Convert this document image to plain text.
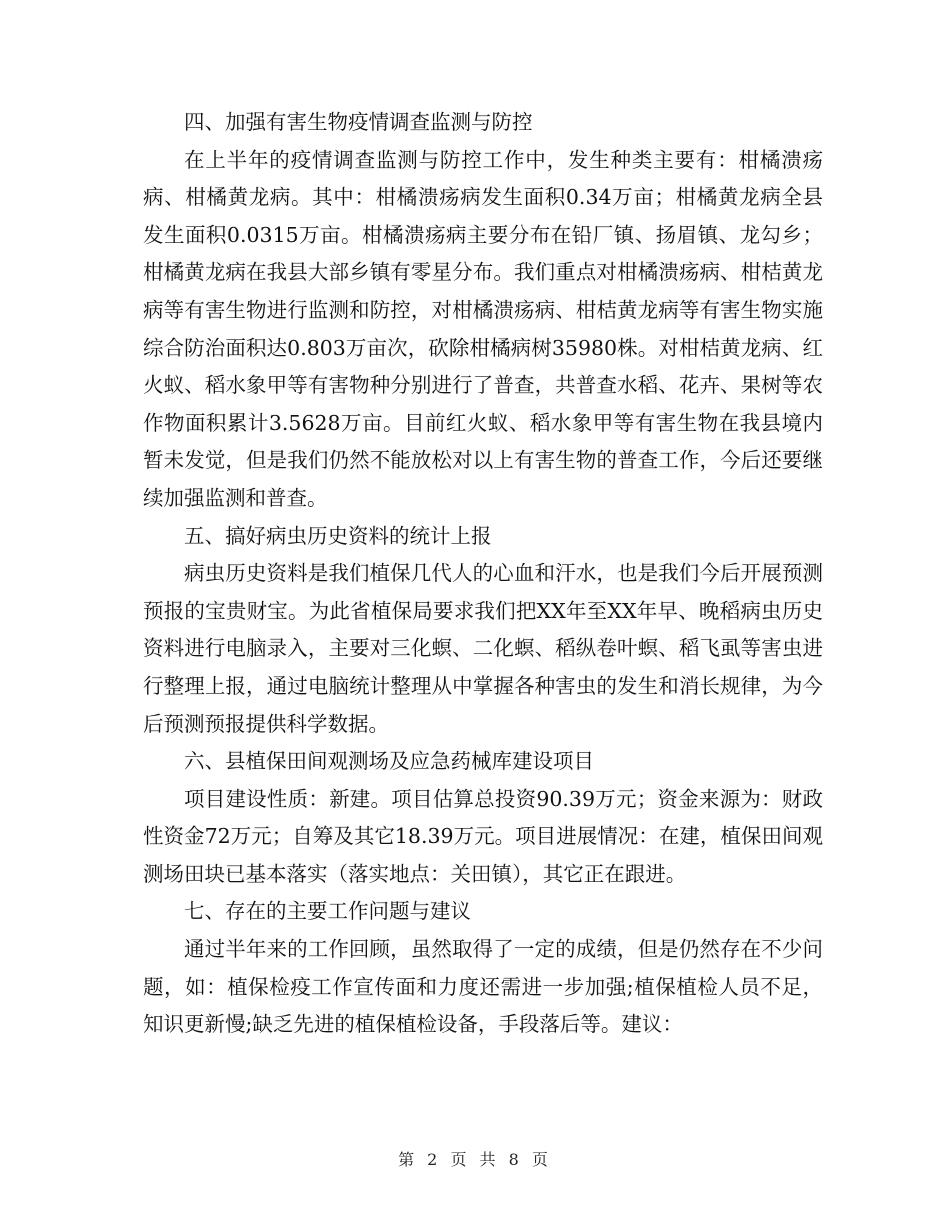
四、加强有害生物疫情调查监测与防控

在上半年的疫情调查监测与防控工作中，发生种类主要有：柑橘溃疡病、柑橘黄龙病。其中：柑橘溃疡病发生面积0.34万亩；柑橘黄龙病全县发生面积0.0315万亩。柑橘溃疡病主要分布在铅厂镇、扬眉镇、龙勾乡；柑橘黄龙病在我县大部乡镇有零星分布。我们重点对柑橘溃疡病、柑桔黄龙病等有害生物进行监测和防控，对柑橘溃疡病、柑桔黄龙病等有害生物实施综合防治面积达0.803万亩次，砍除柑橘病树35980株。对柑桔黄龙病、红火蚁、稻水象甲等有害物种分别进行了普查，共普查水稻、花卉、果树等农作物面积累计3.5628万亩。目前红火蚁、稻水象甲等有害生物在我县境内暂未发觉，但是我们仍然不能放松对以上有害生物的普查工作，今后还要继续加强监测和普查。

五、搞好病虫历史资料的统计上报

病虫历史资料是我们植保几代人的心血和汗水，也是我们今后开展预测预报的宝贵财宝。为此省植保局要求我们把XX年至XX年早、晚稻病虫历史资料进行电脑录入，主要对三化螟、二化螟、稻纵卷叶螟、稻飞虱等害虫进行整理上报，通过电脑统计整理从中掌握各种害虫的发生和消长规律，为今后预测预报提供科学数据。

六、县植保田间观测场及应急药械库建设项目

项目建设性质：新建。项目估算总投资90.39万元；资金来源为：财政性资金72万元；自筹及其它18.39万元。项目进展情况：在建，植保田间观测场田块已基本落实（落实地点：关田镇），其它正在跟进。

七、存在的主要工作问题与建议

通过半年来的工作回顾，虽然取得了一定的成绩，但是仍然存在不少问题，如：植保检疫工作宣传面和力度还需进一步加强;植保植检人员不足，知识更新慢;缺乏先进的植保植检设备，手段落后等。建议：

第 2 页 共 8 页
